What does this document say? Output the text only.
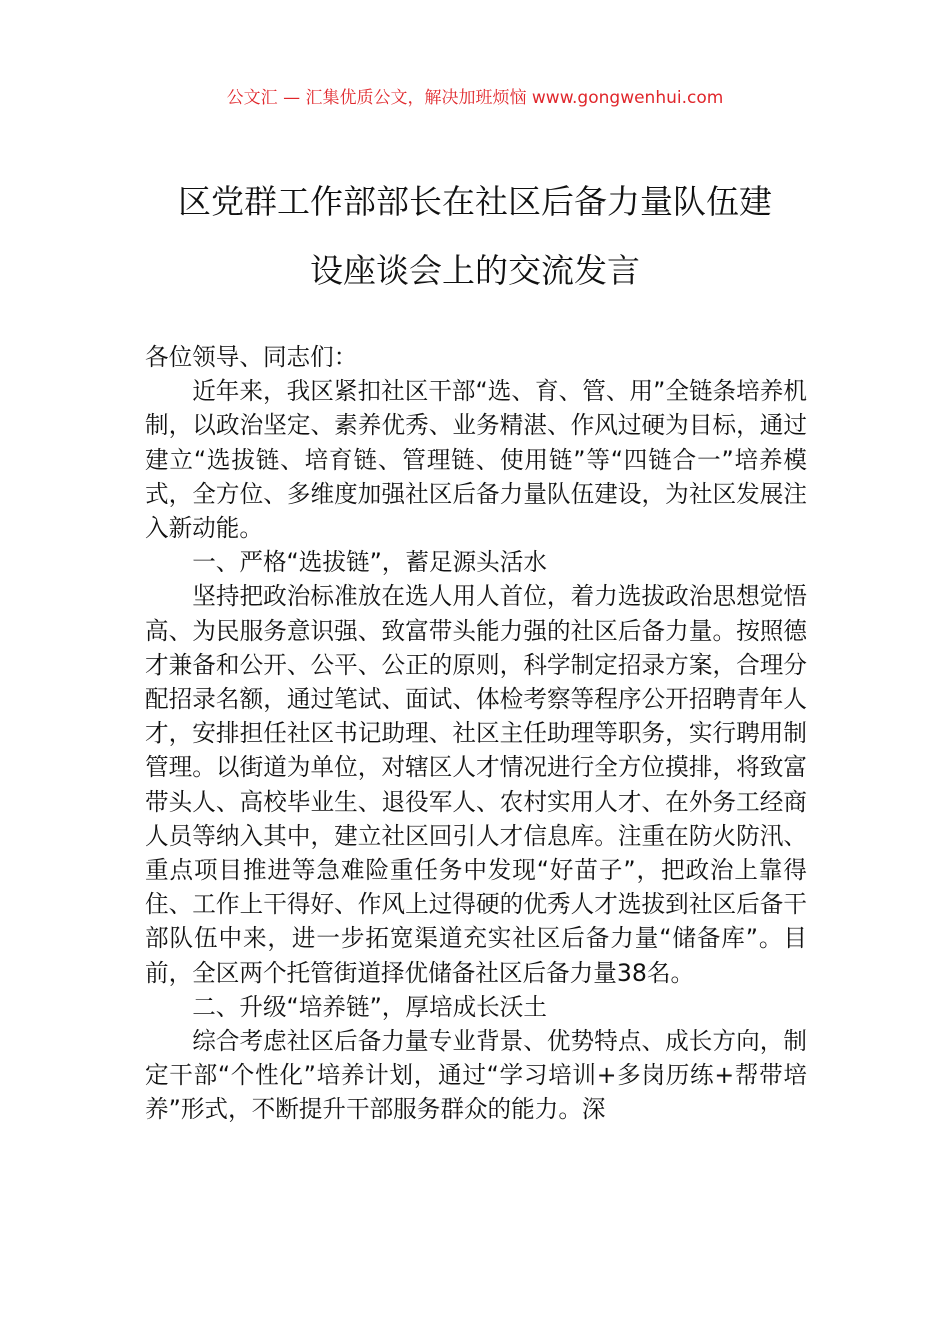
公文汇 — 汇集优质公文，解决加班烦恼 www.gongwenhui.com
区党群工作部部长在社区后备力量队伍建
设座谈会上的交流发言

各位领导、同志们：

近年来，我区紧扣社区干部“选、育、管、用”全链条培养机制，以政治坚定、素养优秀、业务精湛、作风过硬为目标，通过建立“选拔链、培育链、管理链、使用链”等“四链合一”培养模式，全方位、多维度加强社区后备力量队伍建设，为社区发展注入新动能。

一、严格“选拔链”，蓄足源头活水

坚持把政治标准放在选人用人首位，着力选拔政治思想觉悟高、为民服务意识强、致富带头能力强的社区后备力量。按照德才兼备和公开、公平、公正的原则，科学制定招录方案，合理分配招录名额，通过笔试、面试、体检考察等程序公开招聘青年人才，安排担任社区书记助理、社区主任助理等职务，实行聘用制管理。以街道为单位，对辖区人才情况进行全方位摸排，将致富带头人、高校毕业生、退役军人、农村实用人才、在外务工经商人员等纳入其中，建立社区回引人才信息库。注重在防火防汛、重点项目推进等急难险重任务中发现“好苗子”，把政治上靠得住、工作上干得好、作风上过得硬的优秀人才选拔到社区后备干部队伍中来，进一步拓宽渠道充实社区后备力量“储备库”。目前，全区两个托管街道择优储备社区后备力量38名。

二、升级“培养链”，厚培成长沃土

综合考虑社区后备力量专业背景、优势特点、成长方向，制定干部“个性化”培养计划，通过“学习培训+多岗历练+帮带培养”形式，不断提升干部服务群众的能力。深
